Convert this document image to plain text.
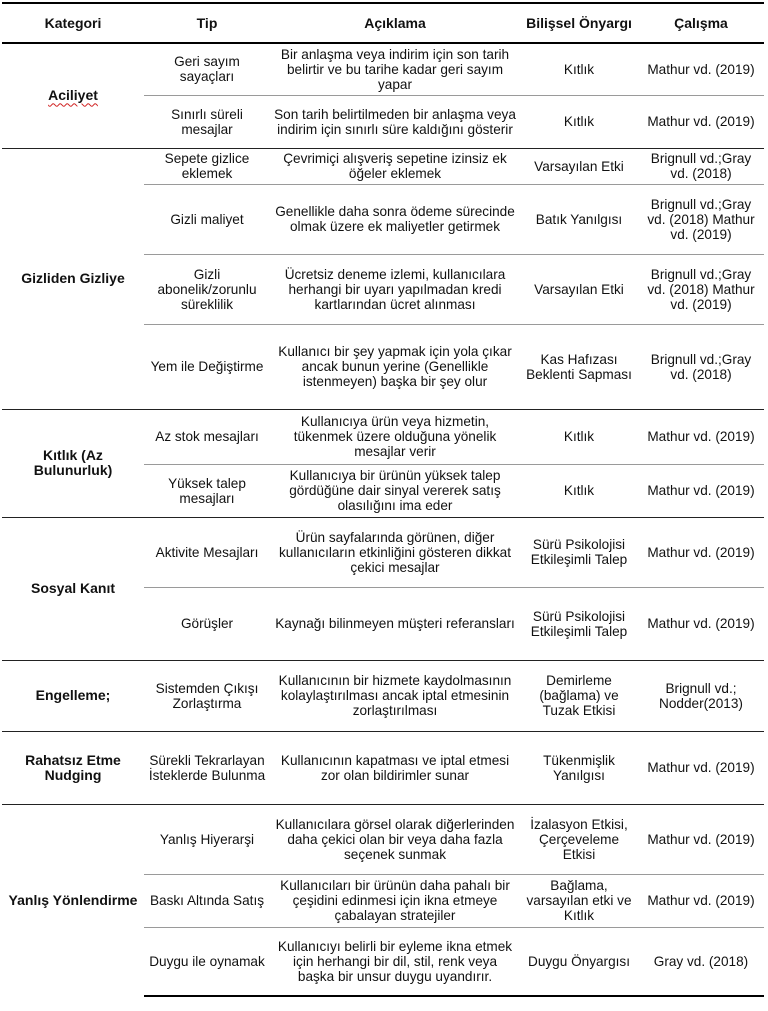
Kategori	Tip	Açıklama	Bilişsel Önyargı	Çalışma
Aciliyet	Geri sayım sayaçları	Bir anlaşma veya indirim için son tarih belirtir ve bu tarihe kadar geri sayım yapar	Kıtlık	Mathur vd. (2019)
	Sınırlı süreli mesajlar	Son tarih belirtilmeden bir anlaşma veya indirim için sınırlı süre kaldığını gösterir	Kıtlık	Mathur vd. (2019)
Gizliden Gizliye	Sepete gizlice eklemek	Çevrimiçi alışveriş sepetine izinsiz ek öğeler eklemek	Varsayılan Etki	Brignull vd.;Gray vd. (2018)
	Gizli maliyet	Genellikle daha sonra ödeme sürecinde olmak üzere ek maliyetler getirmek	Batık Yanılgısı	Brignull vd.;Gray vd. (2018) Mathur vd. (2019)
	Gizli abonelik/zorunlu süreklilik	Ücretsiz deneme izlemi, kullanıcılara herhangi bir uyarı yapılmadan kredi kartlarından ücret alınması	Varsayılan Etki	Brignull vd.;Gray vd. (2018) Mathur vd. (2019)
	Yem ile Değiştirme	Kullanıcı bir şey yapmak için yola çıkar ancak bunun yerine (Genellikle istenmeyen) başka bir şey olur	Kas Hafızası Beklenti Sapması	Brignull vd.;Gray vd. (2018)
Kıtlık (Az Bulunurluk)	Az stok mesajları	Kullanıcıya ürün veya hizmetin, tükenmek üzere olduğuna yönelik mesajlar verir	Kıtlık	Mathur vd. (2019)
	Yüksek talep mesajları	Kullanıcıya bir ürünün yüksek talep gördüğüne dair sinyal vererek satış olasılığını ima eder	Kıtlık	Mathur vd. (2019)
Sosyal Kanıt	Aktivite Mesajları	Ürün sayfalarında görünen, diğer kullanıcıların etkinliğini gösteren dikkat çekici mesajlar	Sürü Psikolojisi Etkileşimli Talep	Mathur vd. (2019)
	Görüşler	Kaynağı bilinmeyen müşteri referansları	Sürü Psikolojisi Etkileşimli Talep	Mathur vd. (2019)
Engelleme;	Sistemden Çıkışı Zorlaştırma	Kullanıcının bir hizmete kaydolmasının kolaylaştırılması ancak iptal etmesinin zorlaştırılması	Demirleme (bağlama) ve Tuzak Etkisi	Brignull vd.; Nodder(2013)
Rahatsız Etme Nudging	Sürekli Tekrarlayan İsteklerde Bulunma	Kullanıcının kapatması ve iptal etmesi zor olan bildirimler sunar	Tükenmişlik Yanılgısı	Mathur vd. (2019)
Yanlış Yönlendirme	Yanlış Hiyerarşi	Kullanıcılara görsel olarak diğerlerinden daha çekici olan bir veya daha fazla seçenek sunmak	İzalasyon Etkisi, Çerçeveleme Etkisi	Mathur vd. (2019)
	Baskı Altında Satış	Kullanıcıları bir ürünün daha pahalı bir çeşidini edinmesi için ikna etmeye çabalayan stratejiler	Bağlama, varsayılan etki ve Kıtlık	Mathur vd. (2019)
	Duygu ile oynamak	Kullanıcıyı belirli bir eyleme ikna etmek için herhangi bir dil, stil, renk veya başka bir unsur duygu uyandırır.	Duygu Önyargısı	Gray vd. (2018)
